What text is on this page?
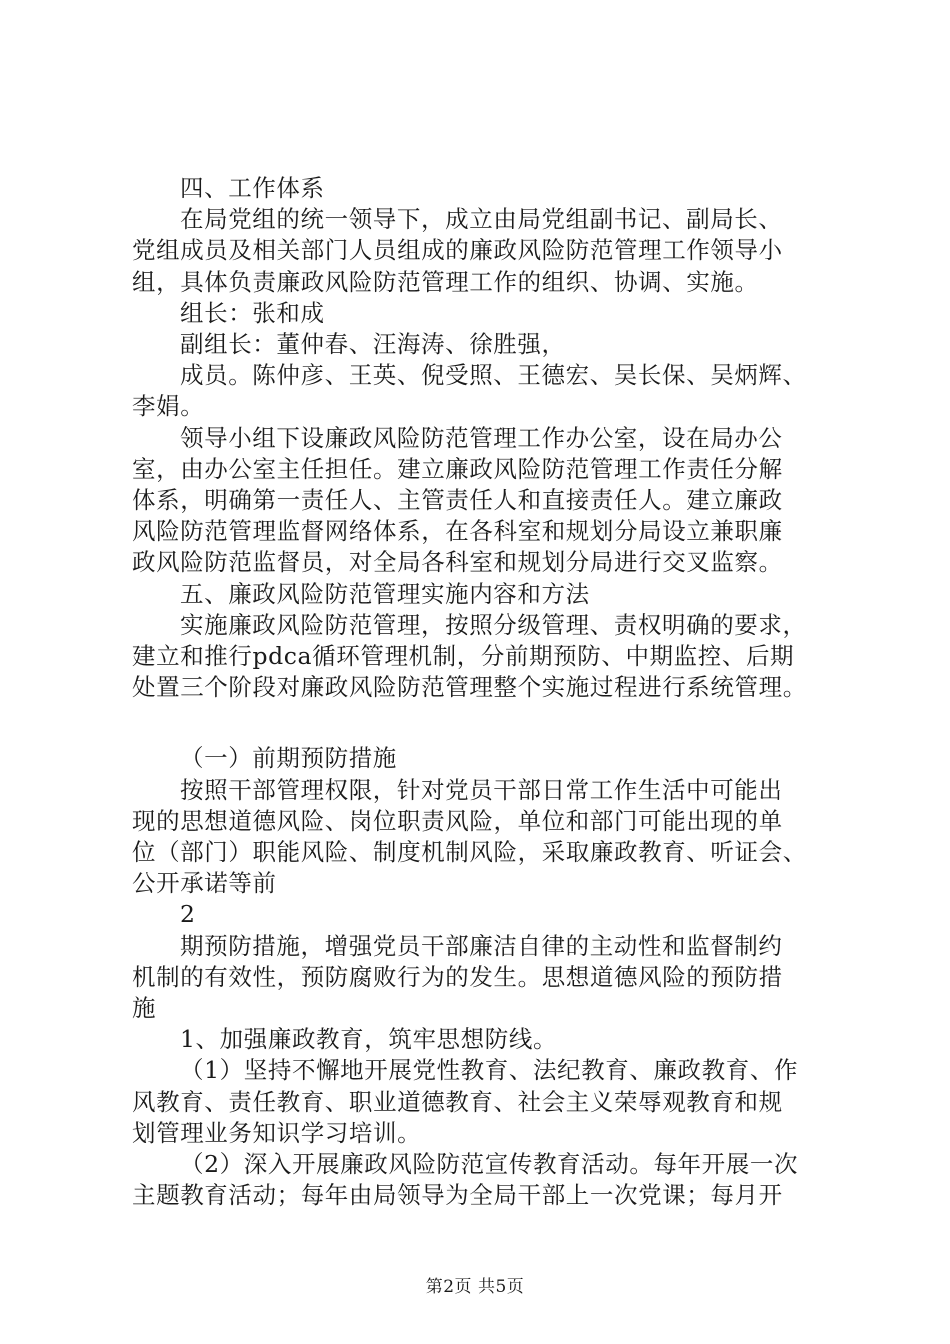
四、工作体系

在局党组的统一领导下，成立由局党组副书记、副局长、

党组成员及相关部门人员组成的廉政风险防范管理工作领导小

组，具体负责廉政风险防范管理工作的组织、协调、实施。

组长：张和成

副组长：董仲春、汪海涛、徐胜强，

成员。陈仲彦、王英、倪受照、王德宏、吴长保、吴炳辉、

李娟。

领导小组下设廉政风险防范管理工作办公室，设在局办公

室，由办公室主任担任。建立廉政风险防范管理工作责任分解

体系，明确第一责任人、主管责任人和直接责任人。建立廉政

风险防范管理监督网络体系，在各科室和规划分局设立兼职廉

政风险防范监督员，对全局各科室和规划分局进行交叉监察。

五、廉政风险防范管理实施内容和方法

实施廉政风险防范管理，按照分级管理、责权明确的要求，

建立和推行pdca循环管理机制，分前期预防、中期监控、后期

处置三个阶段对廉政风险防范管理整个实施过程进行系统管理。

（一）前期预防措施

按照干部管理权限，针对党员干部日常工作生活中可能出

现的思想道德风险、岗位职责风险，单位和部门可能出现的单

位（部门）职能风险、制度机制风险，采取廉政教育、听证会、

公开承诺等前

2

期预防措施，增强党员干部廉洁自律的主动性和监督制约

机制的有效性，预防腐败行为的发生。思想道德风险的预防措

施

1、加强廉政教育，筑牢思想防线。

（1）坚持不懈地开展党性教育、法纪教育、廉政教育、作

风教育、责任教育、职业道德教育、社会主义荣辱观教育和规

划管理业务知识学习培训。

（2）深入开展廉政风险防范宣传教育活动。每年开展一次

主题教育活动；每年由局领导为全局干部上一次党课；每月开

第2页 共5页
